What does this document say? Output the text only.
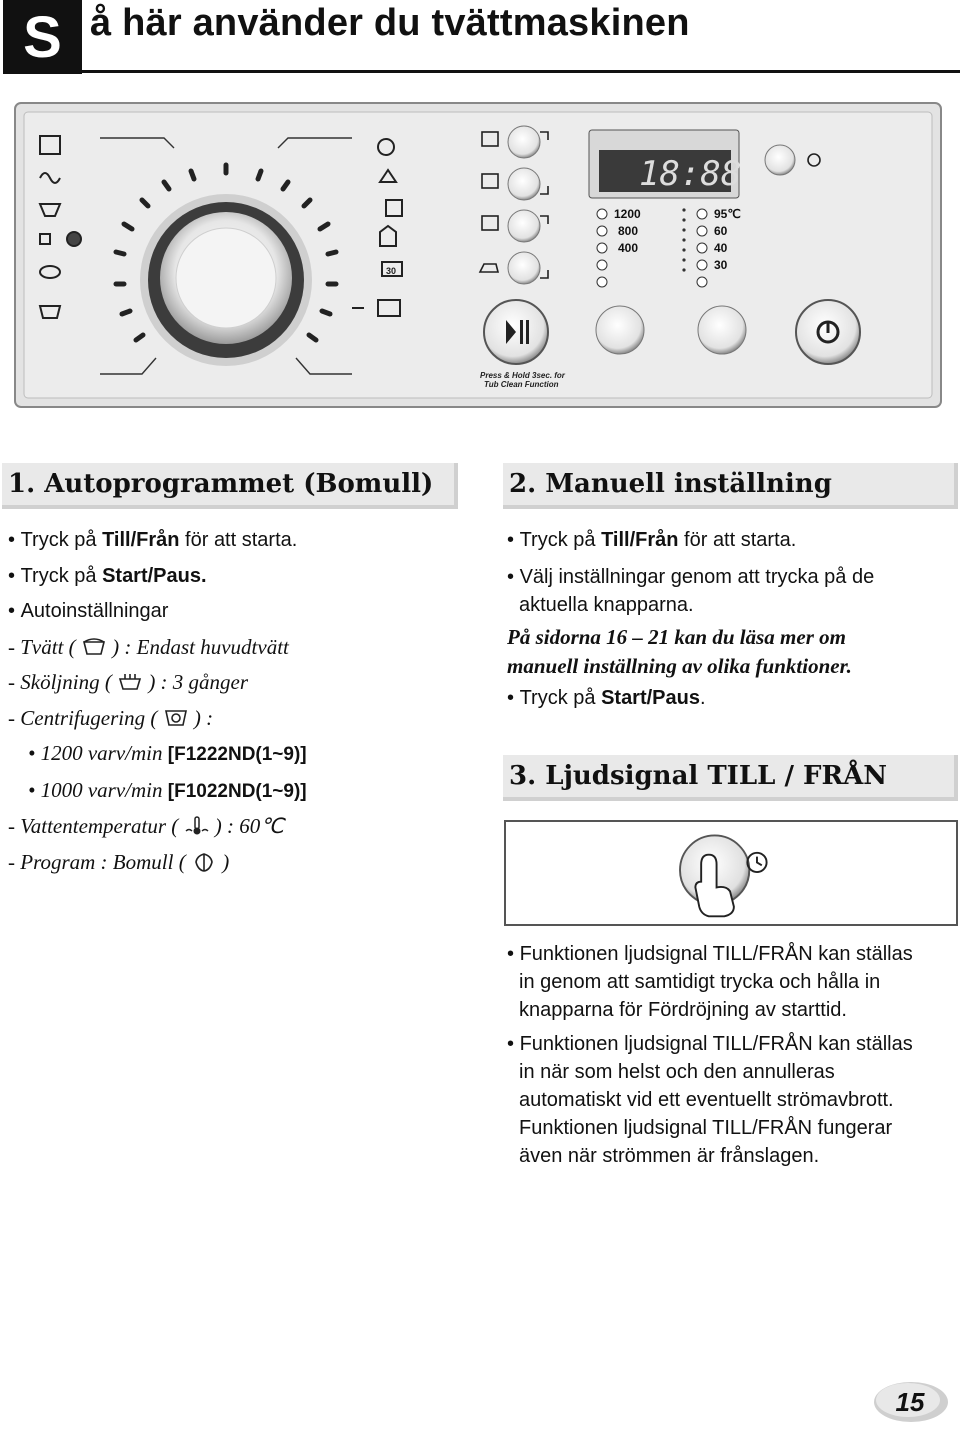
S å här använder du tvättmaskinen
30
18:88
1200
800
400
95℃
60
40
30
Press & Hold 3sec. for
Tub Clean Function
1. Autoprogrammet (Bomull)
• Tryck på Till/Från för att starta.
• Tryck på Start/Paus.
• Autoinställningar
- Tvätt (  ) : Endast huvudtvätt
- Sköljning (  ) : 3 gånger
- Centrifugering (  ) :
• 1200 varv/min [F1222ND(1~9)]
• 1000 varv/min [F1022ND(1~9)]
- Vattentemperatur (  ) : 60℃
- Program : Bomull (  )
2. Manuell inställning
• Tryck på Till/Från för att starta.
• Välj inställningar genom att trycka på de
aktuella knapparna.
På sidorna 16 – 21 kan du läsa mer om
manuell inställning av olika funktioner.
• Tryck på Start/Paus.
3. Ljudsignal TILL / FRÅN
• Funktionen ljudsignal TILL/FRÅN kan ställas
in genom att samtidigt trycka och hålla in
knapparna för Fördröjning av starttid.
• Funktionen ljudsignal TILL/FRÅN kan ställas
in när som helst och den annulleras
automatiskt vid ett eventuellt strömavbrott.
Funktionen ljudsignal TILL/FRÅN fungerar
även när strömmen är frånslagen.
15
